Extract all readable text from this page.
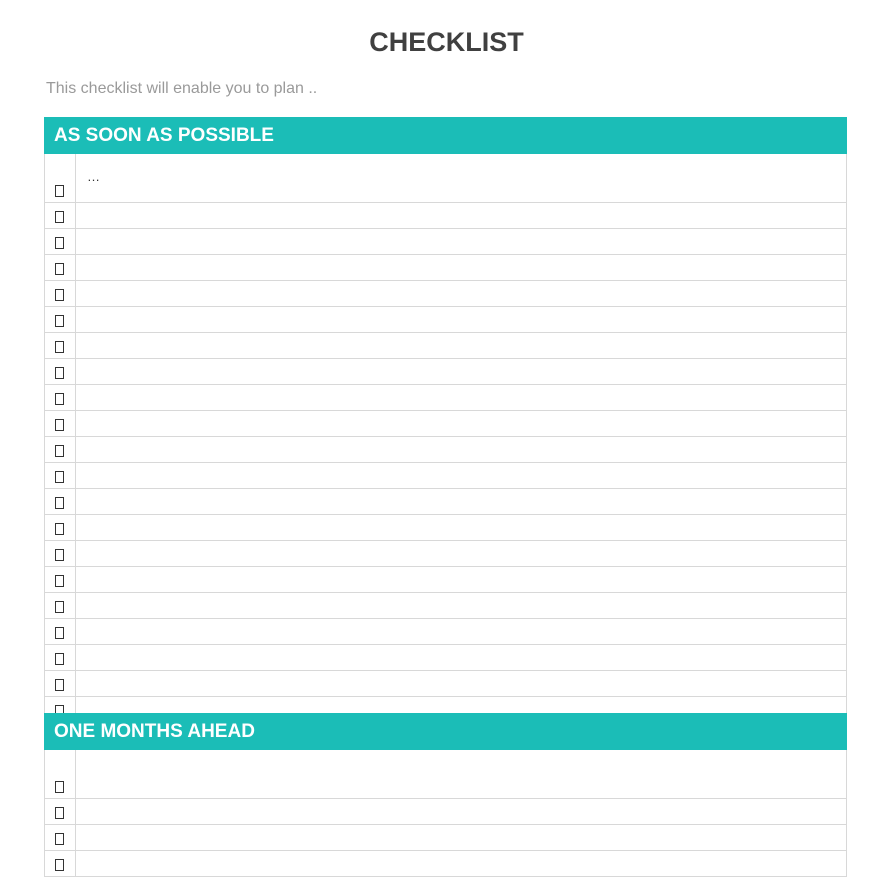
CHECKLIST
This checklist will enable you to plan ..
AS SOON AS POSSIBLE
…
ONE MONTHS AHEAD
